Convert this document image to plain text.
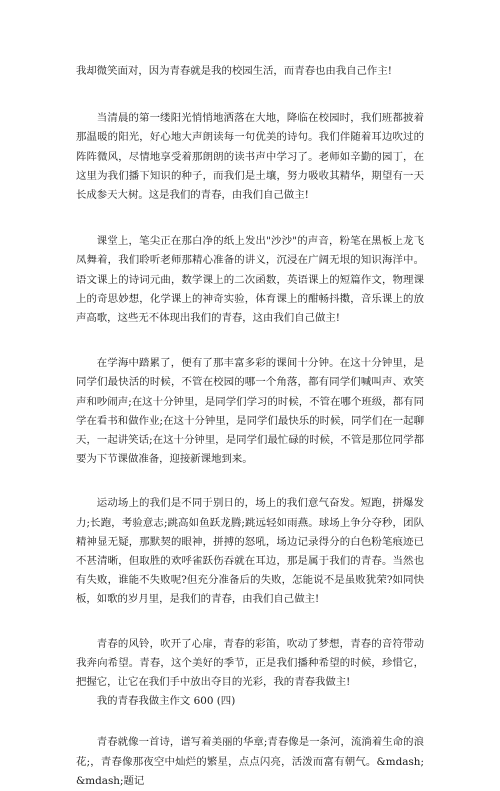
我却微笑面对，因为青春就是我的校园生活，而青春也由我自己作主!

当清晨的第一缕阳光悄悄地洒落在大地，降临在校园时，我们班都披着那温暖的阳光，好心地大声朗读每一句优美的诗句。我们伴随着耳边吹过的阵阵微风，尽情地享受着那朗朗的读书声中学习了。老师如辛勤的园丁，在这里为我们播下知识的种子，而我们是土壤，努力吸收其精华，期望有一天长成参天大树。这是我们的青春，由我们自己做主!

课堂上，笔尖正在那白净的纸上发出"沙沙"的声音，粉笔在黑板上龙飞凤舞着，我们聆听老师那精心准备的讲义，沉浸在广阔无垠的知识海洋中。语文课上的诗词元曲，数学课上的二次函数，英语课上的短篇作文，物理课上的奇思妙想，化学课上的神奇实验，体育课上的酣畅抖擞，音乐课上的放声高歌，这些无不体现出我们的青春，这由我们自己做主!

在学海中踏累了，便有了那丰富多彩的课间十分钟。在这十分钟里，是同学们最快活的时候，不管在校园的哪一个角落，都有同学们喊叫声、欢笑声和吵闹声;在这十分钟里，是同学们学习的时候，不管在哪个班级，都有同学在看书和做作业;在这十分钟里，是同学们最快乐的时候，同学们在一起聊天，一起讲笑话;在这十分钟里，是同学们最忙碌的时候，不管是那位同学都要为下节课做准备，迎接新课地到来。

运动场上的我们是不同于别日的，场上的我们意气奋发。短跑，拼爆发力;长跑，考验意志;跳高如鱼跃龙腾;跳远轻如雨燕。球场上争分夺秒，团队精神显无疑，那默契的眼神，拼搏的怒吼，场边记录得分的白色粉笔痕迹已不甚清晰，但取胜的欢呼雀跃伤吞就在耳边，那是属于我们的青春。当然也有失败，谁能不失败呢?但充分准备后的失败，怎能说不是虽败犹荣?如同快板，如歌的岁月里，是我们的青春，由我们自己做主!

青春的风铃，吹开了心扉，青春的彩笛，吹动了梦想，青春的音符带动我奔向希望。青春，这个美好的季节，正是我们播种希望的时候，珍惜它，把握它，让它在我们手中放出夺目的光彩，我的青春我做主!

我的青春我做主作文 600 (四)

青春就像一首诗，谱写着美丽的华章;青春像是一条河，流淌着生命的浪花;，青春像那夜空中灿烂的繁星，点点闪亮，活泼而富有朝气。&mdash;&mdash;题记
